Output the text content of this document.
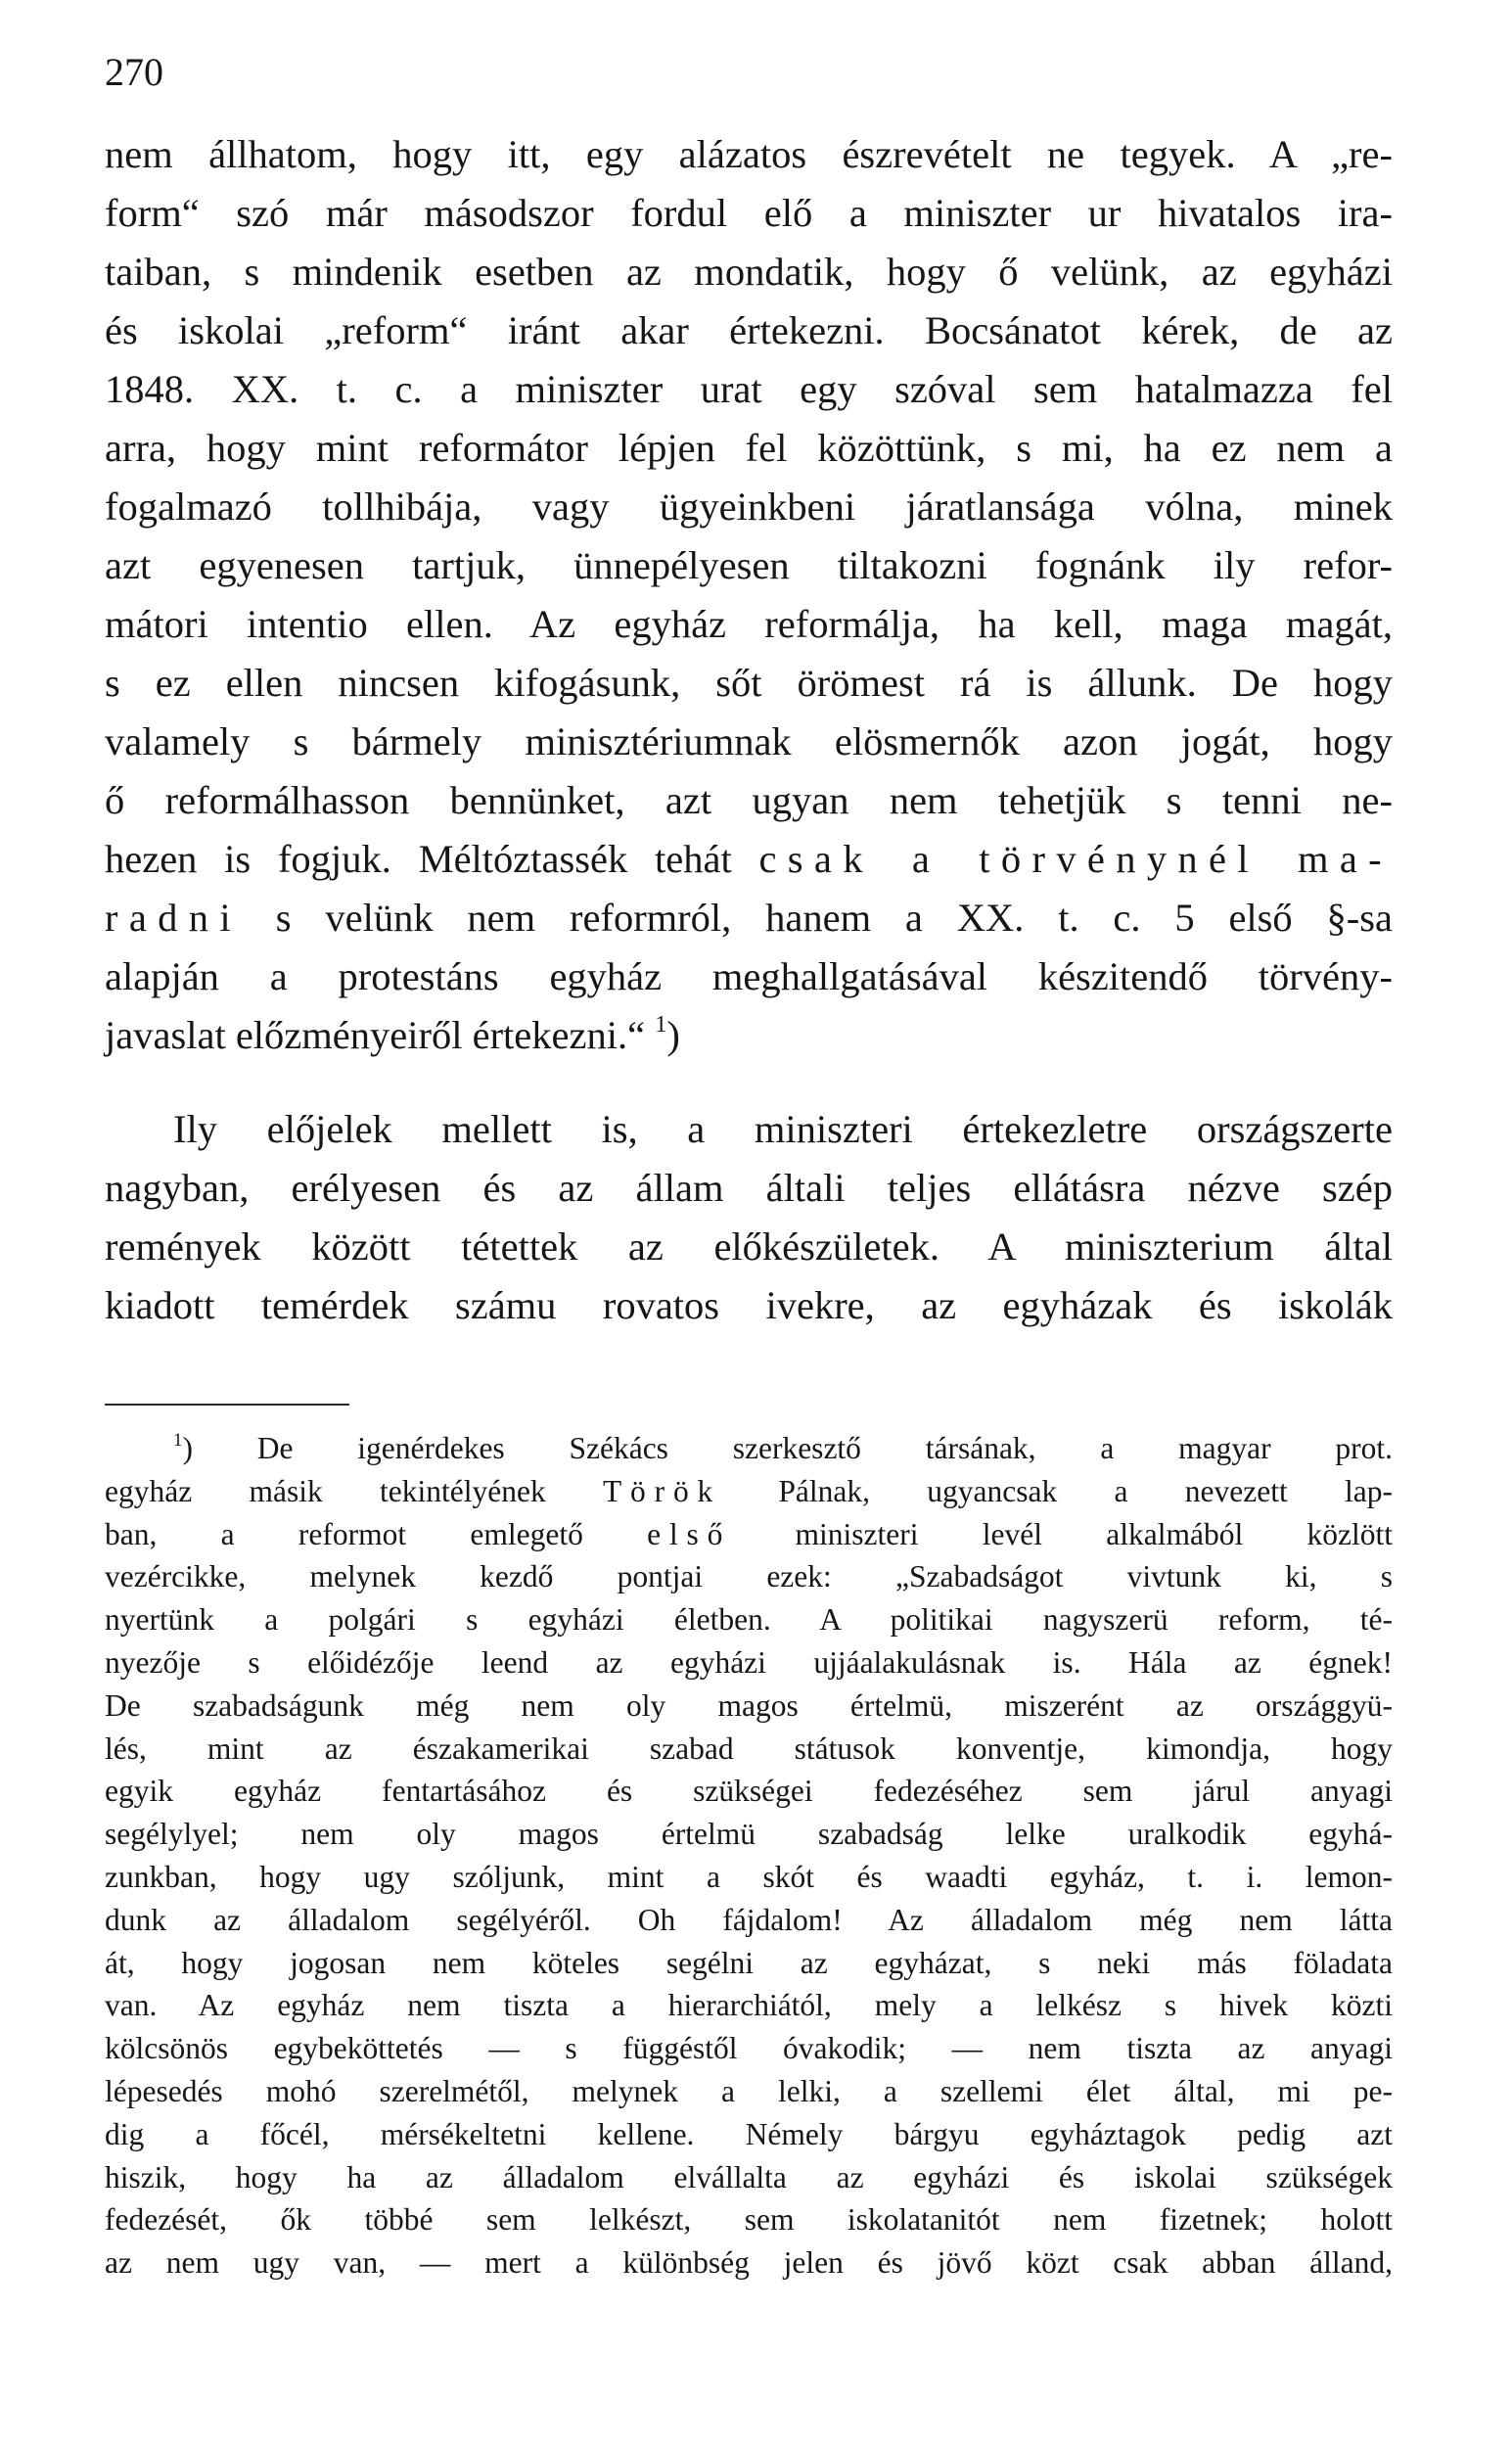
270
nem állhatom, hogy itt, egy alázatos észrevételt ne tegyek. A „re-
form“ szó már másodszor fordul elő a miniszter ur hivatalos ira-
taiban, s mindenik esetben az mondatik, hogy ő velünk, az egyházi
és iskolai „reform“ iránt akar értekezni. Bocsánatot kérek, de az
1848. XX. t. c. a miniszter urat egy szóval sem hatalmazza fel
arra, hogy mint reformátor lépjen fel közöttünk, s mi, ha ez nem a
fogalmazó tollhibája, vagy ügyeinkbeni járatlansága vólna, minek
azt egyenesen tartjuk, ünnepélyesen tiltakozni fognánk ily refor-
mátori intentio ellen. Az egyház reformálja, ha kell, maga magát,
s ez ellen nincsen kifogásunk, sőt örömest rá is állunk. De hogy
valamely s bármely minisztériumnak elösmernők azon jogát, hogy
ő reformálhasson bennünket, azt ugyan nem tehetjük s tenni ne-
hezen is fogjuk. Méltóztassék tehát csak a törvénynél ma-
radni s velünk nem reformról, hanem a XX. t. c. 5 első §-sa
alapján a protestáns egyház meghallgatásával készitendő törvény-
javaslat előzményeiről értekezni.“ $^1$)
Ily előjelek mellett is, a miniszteri értekezletre országszerte
nagyban, erélyesen és az állam általi teljes ellátásra nézve szép
remények között tétettek az előkészületek. A miniszterium által
kiadott temérdek számu rovatos ivekre, az egyházak és iskolák
$^1$) De igenérdekes Székács szerkesztő társának, a magyar prot.
egyház másik tekintélyének Török Pálnak, ugyancsak a nevezett lap-
ban, a reformot emlegető első miniszteri levél alkalmából közlött
vezércikke, melynek kezdő pontjai ezek: „Szabadságot vivtunk ki, s
nyertünk a polgári s egyházi életben. A politikai nagyszerü reform, té-
nyezője s előidézője leend az egyházi ujjáalakulásnak is. Hála az égnek!
De szabadságunk még nem oly magos értelmü, miszerént az országgyü-
lés, mint az északamerikai szabad státusok konventje, kimondja, hogy
egyik egyház fentartásához és szükségei fedezéséhez sem járul anyagi
segélylyel; nem oly magos értelmü szabadság lelke uralkodik egyhá-
zunkban, hogy ugy szóljunk, mint a skót és waadti egyház, t. i. lemon-
dunk az álladalom segélyéről. Oh fájdalom! Az álladalom még nem látta
át, hogy jogosan nem köteles segélni az egyházat, s neki más föladata
van. Az egyház nem tiszta a hierarchiától, mely a lelkész s hivek közti
kölcsönös egybeköttetés — s függéstől óvakodik; — nem tiszta az anyagi
lépesedés mohó szerelmétől, melynek a lelki, a szellemi élet által, mi pe-
dig a főcél, mérsékeltetni kellene. Némely bárgyu egyháztagok pedig azt
hiszik, hogy ha az álladalom elvállalta az egyházi és iskolai szükségek
fedezését, ők többé sem lelkészt, sem iskolatanitót nem fizetnek; holott
az nem ugy van, — mert a különbség jelen és jövő közt csak abban álland,
